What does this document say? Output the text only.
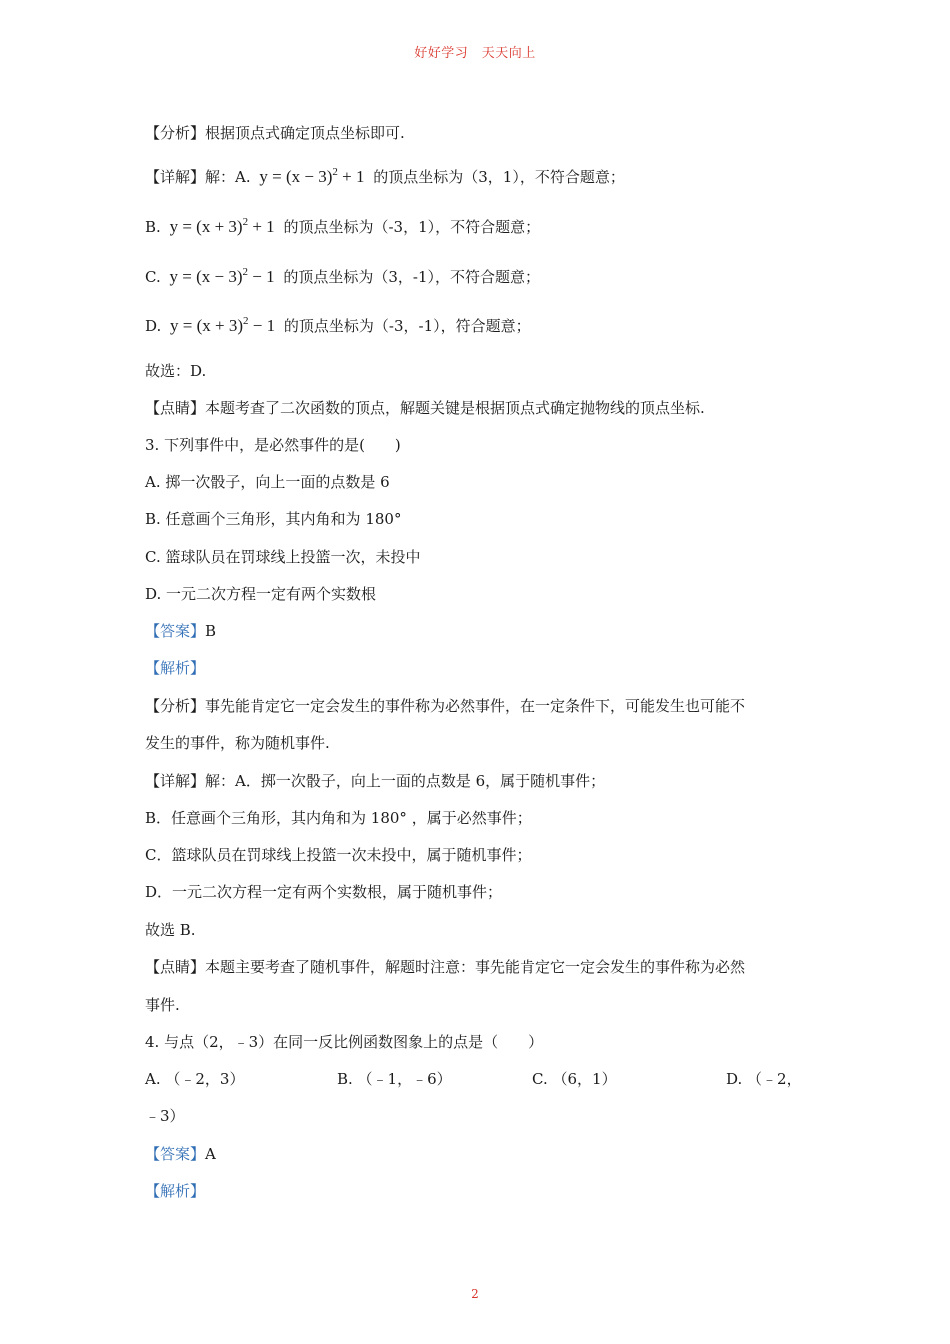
好好学习　天天向上
【分析】根据顶点式确定顶点坐标即可.
【详解】解：A. $y = (x - 3)^2 + 1$ 的顶点坐标为（3，1），不符合题意；
B. $y = (x + 3)^2 + 1$ 的顶点坐标为（-3，1），不符合题意；
C. $y = (x - 3)^2 - 1$ 的顶点坐标为（3，-1），不符合题意；
D. $y = (x + 3)^2 - 1$ 的顶点坐标为（-3，-1），符合题意；
故选：D.
【点睛】本题考查了二次函数的顶点，解题关键是根据顶点式确定抛物线的顶点坐标.
3. 下列事件中，是必然事件的是(　　)
A. 掷一次骰子，向上一面的点数是 6
B. 任意画个三角形，其内角和为 180°
C. 篮球队员在罚球线上投篮一次，未投中
D. 一元二次方程一定有两个实数根
【答案】B
【解析】
【分析】事先能肯定它一定会发生的事件称为必然事件，在一定条件下，可能发生也可能不
发生的事件，称为随机事件.
【详解】解：A．掷一次骰子，向上一面的点数是 6，属于随机事件；
B．任意画个三角形，其内角和为 180° ，属于必然事件；
C．篮球队员在罚球线上投篮一次未投中，属于随机事件；
D．一元二次方程一定有两个实数根，属于随机事件；
故选 B.
【点睛】本题主要考查了随机事件，解题时注意：事先能肯定它一定会发生的事件称为必然
事件.
4. 与点（2，﹣3）在同一反比例函数图象上的点是（　　）
A. （﹣2，3）	B. （﹣1，﹣6）	C. （6，1）	D. （﹣2，
﹣3）
【答案】A
【解析】
2
